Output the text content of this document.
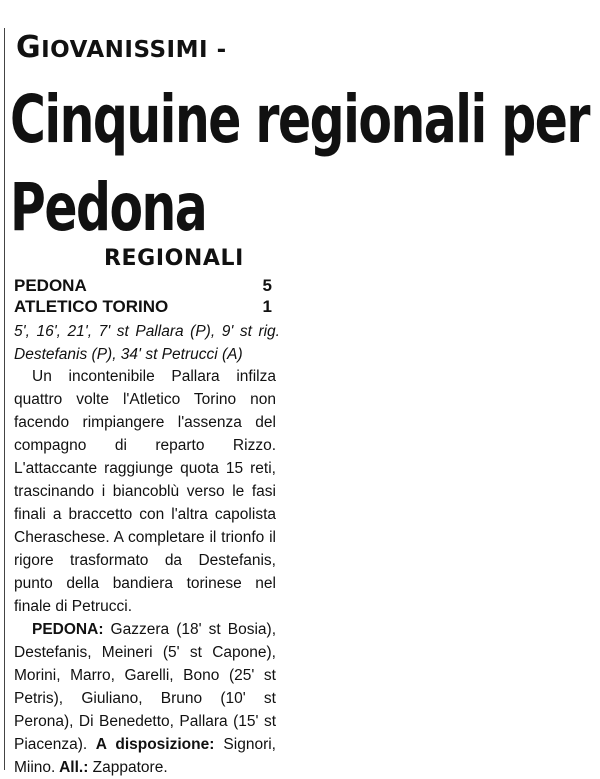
GIOVANISSIMI -
Cinquine regionali per
Pedona
REGIONALI
PEDONA	5
ATLETICO TORINO	1
5', 16', 21', 7' st Pallara (P), 9' st rig. Destefanis (P), 34' st Petrucci (A)

Un incontenibile Pallara infilza quattro volte l'Atletico Torino non facendo rimpiangere l'assenza del compagno di reparto Rizzo. L'attaccante raggiunge quota 15 reti, trascinando i biancoblù verso le fasi finali a braccetto con l'altra capolista Cheraschese. A completare il trionfo il rigore trasformato da Destefanis, punto della bandiera torinese nel finale di Petrucci.

PEDONA: Gazzera (18' st Bosia), Destefanis, Meineri (5' st Capone), Morini, Marro, Garelli, Bono (25' st Petris), Giuliano, Bruno (10' st Perona), Di Benedetto, Pallara (15' st Piacenza). A disposizione: Signori, Miino. All.: Zappatore.
